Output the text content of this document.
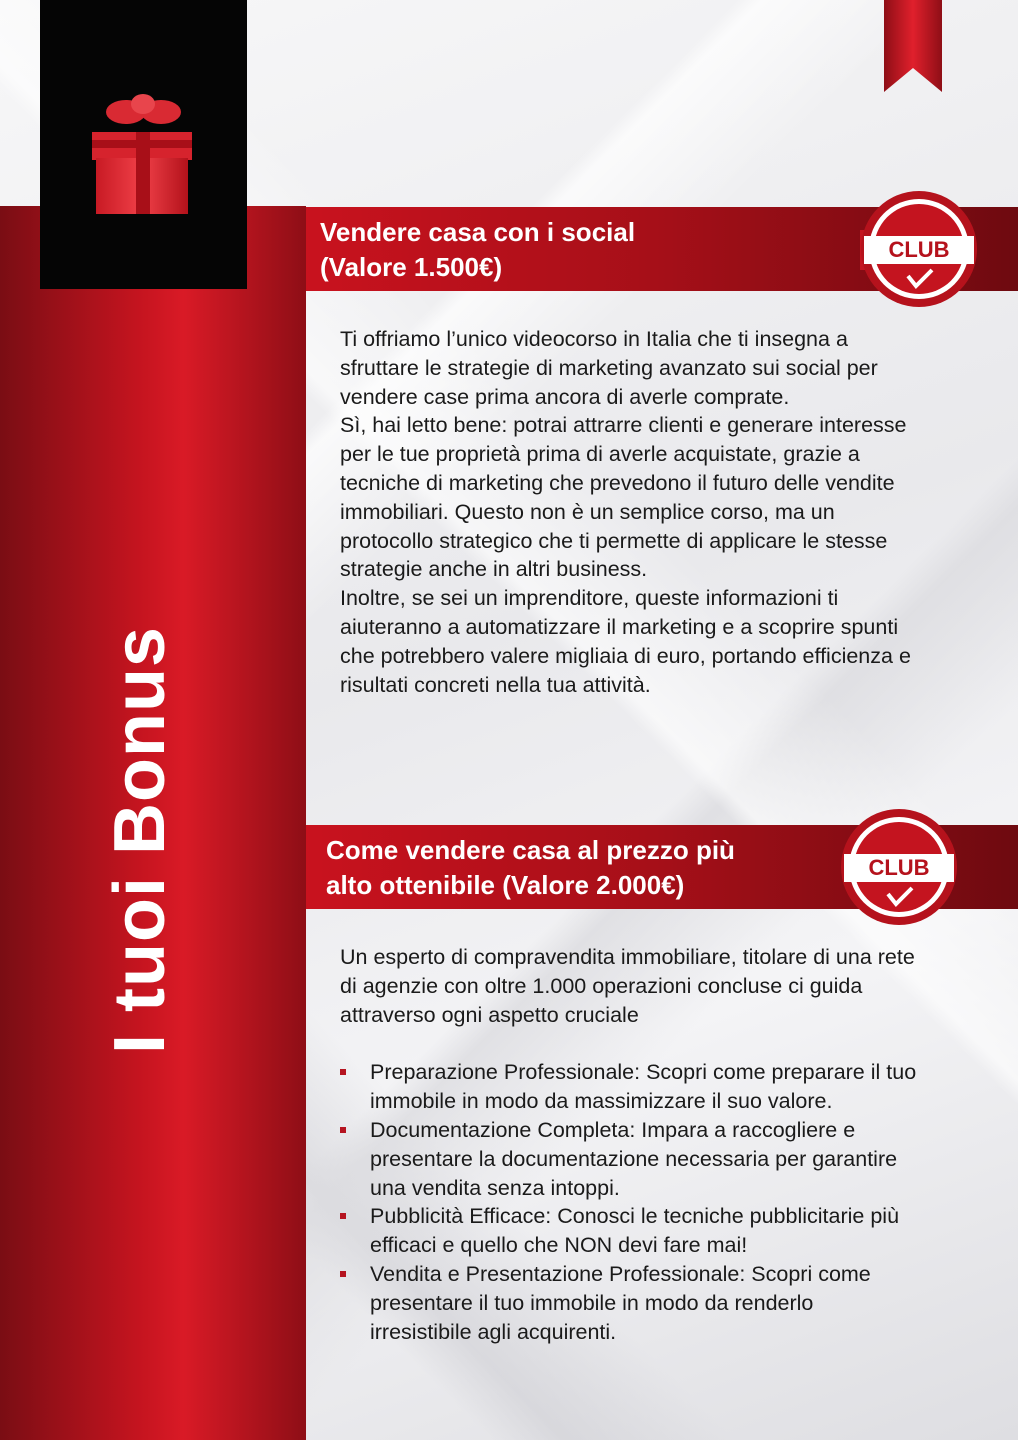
I tuoi Bonus
Vendere casa con i social
(Valore 1.500€)
CLUB

Ti offriamo l’unico videocorso in Italia che ti insegna a sfruttare le strategie di marketing avanzato sui social per vendere case prima ancora di averle comprate.

Sì, hai letto bene: potrai attrarre clienti e generare interesse per le tue proprietà prima di averle acquistate, grazie a tecniche di marketing che prevedono il futuro delle vendite immobiliari. Questo non è un semplice corso, ma un protocollo strategico che ti permette di applicare le stesse strategie anche in altri business.

Inoltre, se sei un imprenditore, queste informazioni ti aiuteranno a automatizzare il marketing e a scoprire spunti che potrebbero valere migliaia di euro, portando efficienza e risultati concreti nella tua attività.

Come vendere casa al prezzo più
alto ottenibile (Valore 2.000€)
CLUB

Un esperto di compravendita immobiliare, titolare di una rete di agenzie con oltre 1.000 operazioni concluse ci guida attraverso ogni aspetto cruciale

Preparazione Professionale: Scopri come preparare il tuo immobile in modo da massimizzare il suo valore.
Documentazione Completa: Impara a raccogliere e presentare la documentazione necessaria per garantire una vendita senza intoppi.
Pubblicità Efficace: Conosci le tecniche pubblicitarie più efficaci e quello che NON devi fare mai!
Vendita e Presentazione Professionale: Scopri come presentare il tuo immobile in modo da renderlo irresistibile agli acquirenti.
